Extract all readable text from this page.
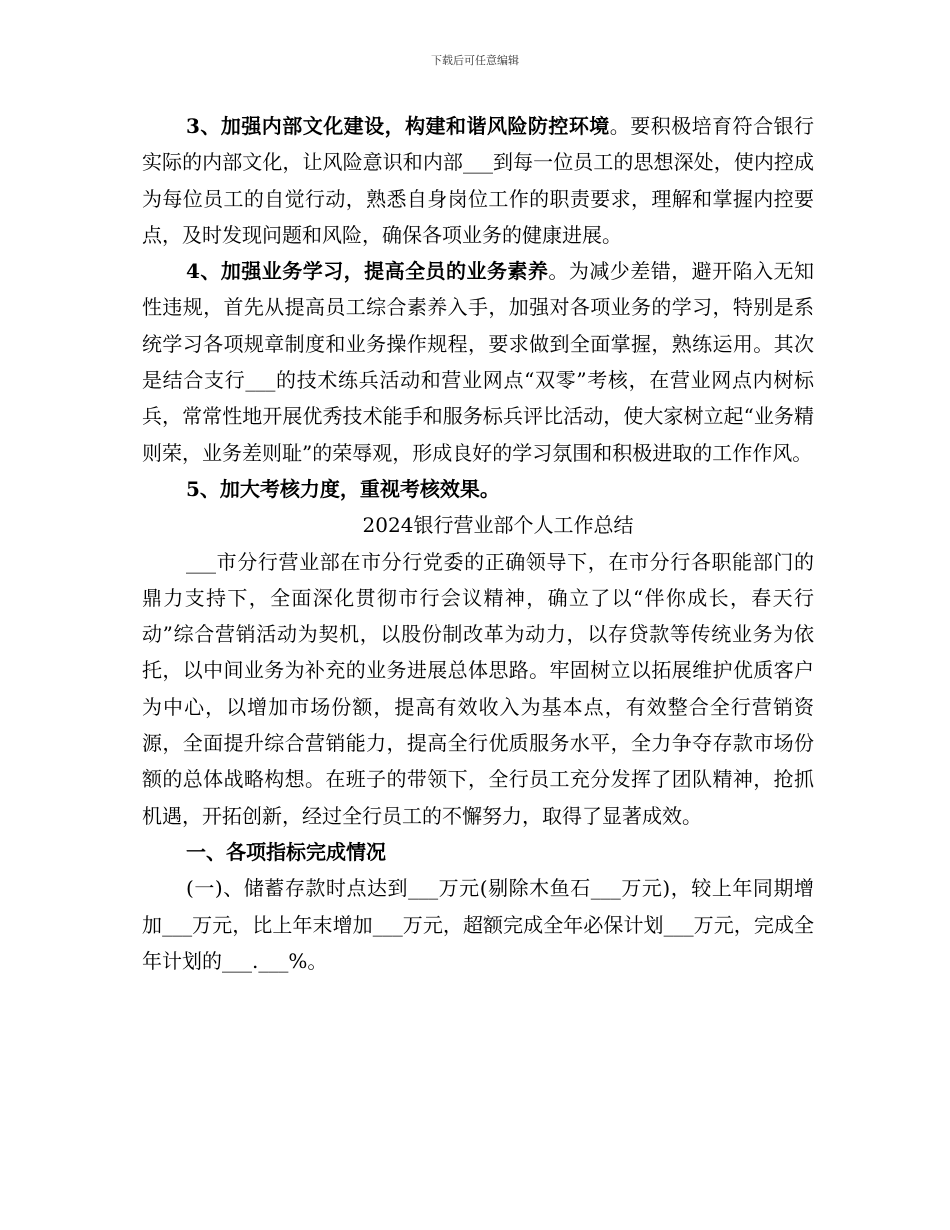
下载后可任意编辑

3、加强内部文化建设，构建和谐风险防控环境。要积极培育符合银行实际的内部文化，让风险意识和内部___到每一位员工的思想深处，使内控成为每位员工的自觉行动，熟悉自身岗位工作的职责要求，理解和掌握内控要点，及时发现问题和风险，确保各项业务的健康进展。

4、加强业务学习，提高全员的业务素养。为减少差错，避开陷入无知性违规，首先从提高员工综合素养入手，加强对各项业务的学习，特别是系统学习各项规章制度和业务操作规程，要求做到全面掌握，熟练运用。其次是结合支行___的技术练兵活动和营业网点“双零”考核，在营业网点内树标兵，常常性地开展优秀技术能手和服务标兵评比活动，使大家树立起“业务精则荣，业务差则耻”的荣辱观，形成良好的学习氛围和积极进取的工作作风。

5、加大考核力度，重视考核效果。

2024银行营业部个人工作总结

___市分行营业部在市分行党委的正确领导下，在市分行各职能部门的鼎力支持下，全面深化贯彻市行会议精神，确立了以“伴你成长，春天行动”综合营销活动为契机，以股份制改革为动力，以存贷款等传统业务为依托，以中间业务为补充的业务进展总体思路。牢固树立以拓展维护优质客户为中心，以增加市场份额，提高有效收入为基本点，有效整合全行营销资源，全面提升综合营销能力，提高全行优质服务水平，全力争夺存款市场份额的总体战略构想。在班子的带领下，全行员工充分发挥了团队精神，抢抓机遇，开拓创新，经过全行员工的不懈努力，取得了显著成效。

一、各项指标完成情况

(一)、储蓄存款时点达到___万元(剔除木鱼石___万元)，较上年同期增加___万元，比上年末增加___万元，超额完成全年必保计划___万元，完成全年计划的___.___%。
